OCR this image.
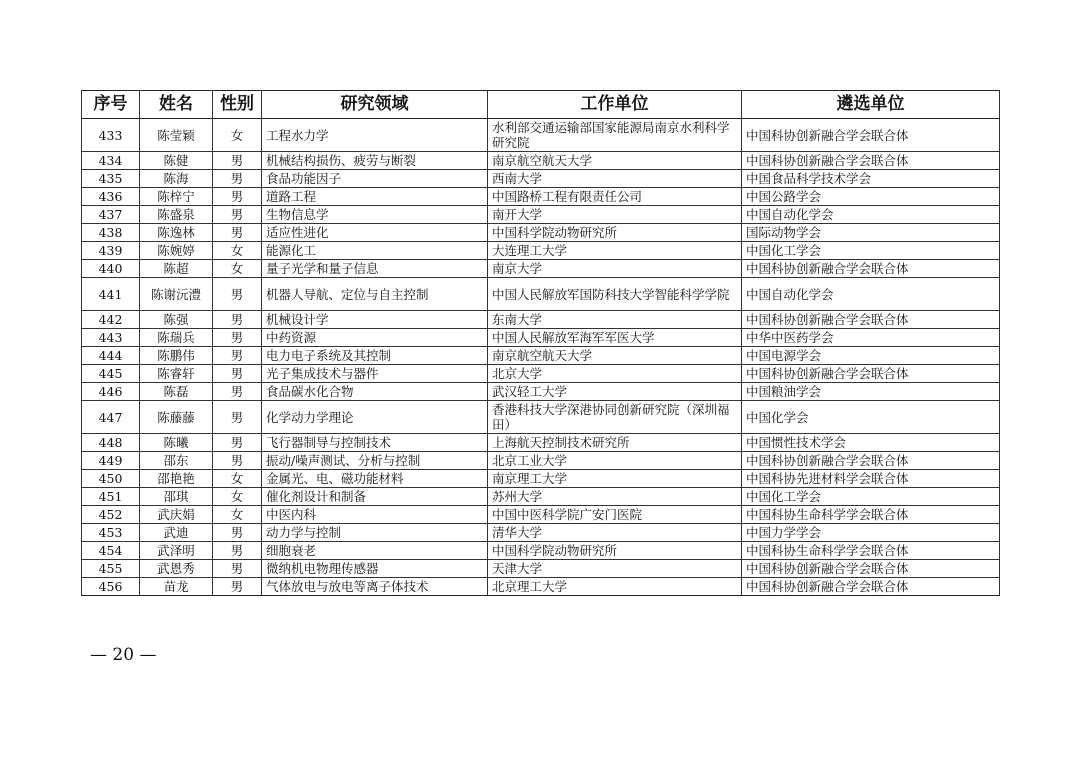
序号	姓名	性别	研究领域	工作单位	遴选单位
433	陈莹颖	女	工程水力学	水利部交通运输部国家能源局南京水利科学研究院	中国科协创新融合学会联合体
434	陈健	男	机械结构损伤、疲劳与断裂	南京航空航天大学	中国科协创新融合学会联合体
435	陈海	男	食品功能因子	西南大学	中国食品科学技术学会
436	陈梓宁	男	道路工程	中国路桥工程有限责任公司	中国公路学会
437	陈盛泉	男	生物信息学	南开大学	中国自动化学会
438	陈逸林	男	适应性进化	中国科学院动物研究所	国际动物学会
439	陈婉婷	女	能源化工	大连理工大学	中国化工学会
440	陈超	女	量子光学和量子信息	南京大学	中国科协创新融合学会联合体
441	陈谢沅澧	男	机器人导航、定位与自主控制	中国人民解放军国防科技大学智能科学学院	中国自动化学会
442	陈强	男	机械设计学	东南大学	中国科协创新融合学会联合体
443	陈瑞兵	男	中药资源	中国人民解放军海军军医大学	中华中医药学会
444	陈鹏伟	男	电力电子系统及其控制	南京航空航天大学	中国电源学会
445	陈睿轩	男	光子集成技术与器件	北京大学	中国科协创新融合学会联合体
446	陈磊	男	食品碳水化合物	武汉轻工大学	中国粮油学会
447	陈藤藤	男	化学动力学理论	香港科技大学深港协同创新研究院（深圳福田）	中国化学会
448	陈曦	男	飞行器制导与控制技术	上海航天控制技术研究所	中国惯性技术学会
449	邵东	男	振动/噪声测试、分析与控制	北京工业大学	中国科协创新融合学会联合体
450	邵艳艳	女	金属光、电、磁功能材料	南京理工大学	中国科协先进材料学会联合体
451	邵琪	女	催化剂设计和制备	苏州大学	中国化工学会
452	武庆娟	女	中医内科	中国中医科学院广安门医院	中国科协生命科学学会联合体
453	武迪	男	动力学与控制	清华大学	中国力学学会
454	武泽明	男	细胞衰老	中国科学院动物研究所	中国科协生命科学学会联合体
455	武恩秀	男	微纳机电物理传感器	天津大学	中国科协创新融合学会联合体
456	苗龙	男	气体放电与放电等离子体技术	北京理工大学	中国科协创新融合学会联合体
— 20 —
